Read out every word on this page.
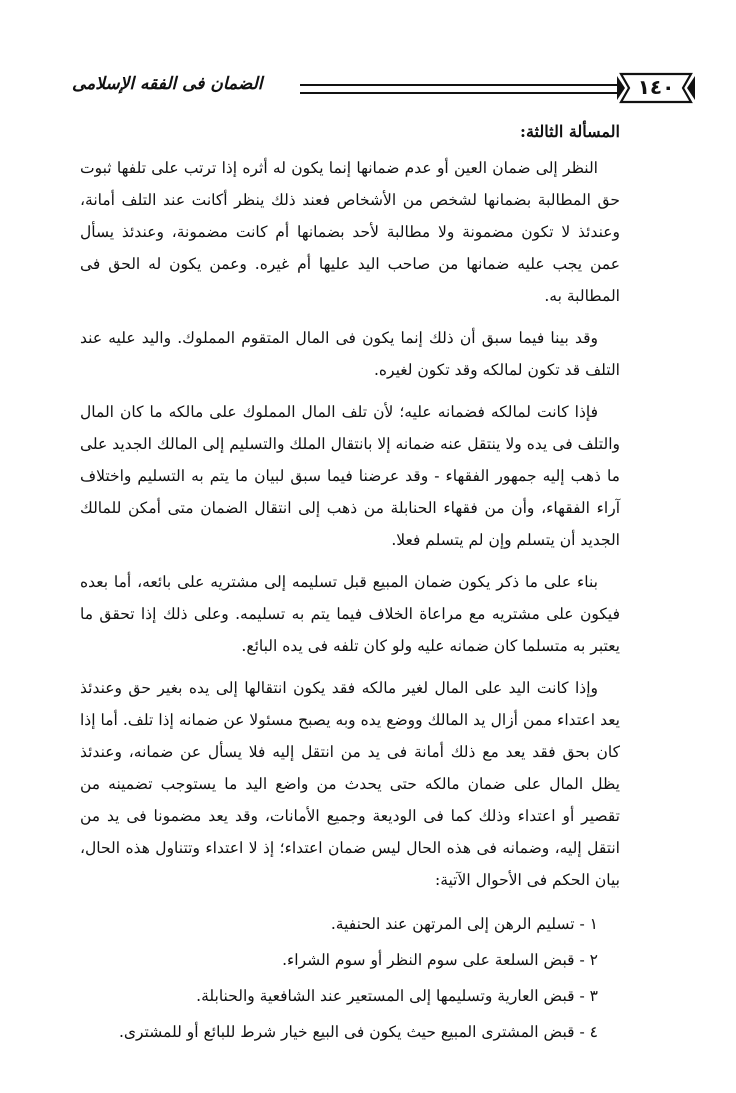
الضمان فى الفقه الإسلامى	١٤٠
المسألة الثالثة:

النظر إلى ضمان العين أو عدم ضمانها إنما يكون له أثره إذا ترتب على تلفها ثبوت حق المطالبة بضمانها لشخص من الأشخاص فعند ذلك ينظر أكانت عند التلف أمانة، وعندئذ لا تكون مضمونة ولا مطالبة لأحد بضمانها أم كانت مضمونة، وعندئذ يسأل عمن يجب عليه ضمانها من صاحب اليد عليها أم غيره. وعمن يكون له الحق فى المطالبة به.

وقد بينا فيما سبق أن ذلك إنما يكون فى المال المتقوم المملوك. واليد عليه عند التلف قد تكون لمالكه وقد تكون لغيره.

فإذا كانت لمالكه فضمانه عليه؛ لأن تلف المال المملوك على مالكه ما كان المال والتلف فى يده ولا ينتقل عنه ضمانه إلا بانتقال الملك والتسليم إلى المالك الجديد على ما ذهب إليه جمهور الفقهاء - وقد عرضنا فيما سبق لبيان ما يتم به التسليم واختلاف آراء الفقهاء، وأن من فقهاء الحنابلة من ذهب إلى انتقال الضمان متى أمكن للمالك الجديد أن يتسلم وإن لم يتسلم فعلا.

بناء على ما ذكر يكون ضمان المبيع قبل تسليمه إلى مشتريه على بائعه، أما بعده فيكون على مشتريه مع مراعاة الخلاف فيما يتم به تسليمه. وعلى ذلك إذا تحقق ما يعتبر به متسلما كان ضمانه عليه ولو كان تلفه فى يده البائع.

وإذا كانت اليد على المال لغير مالكه فقد يكون انتقالها إلى يده بغير حق وعندئذ يعد اعتداء ممن أزال يد المالك ووضع يده وبه يصبح مسئولا عن ضمانه إذا تلف. أما إذا كان بحق فقد يعد مع ذلك أمانة فى يد من انتقل إليه فلا يسأل عن ضمانه، وعندئذ يظل المال على ضمان مالكه حتى يحدث من واضع اليد ما يستوجب تضمينه من تقصير أو اعتداء وذلك كما فى الوديعة وجميع الأمانات، وقد يعد مضمونا فى يد من انتقل إليه، وضمانه فى هذه الحال ليس ضمان اعتداء؛ إذ لا اعتداء وتتناول هذه الحال، بيان الحكم فى الأحوال الآتية:

١ - تسليم الرهن إلى المرتهن عند الحنفية.
٢ - قبض السلعة على سوم النظر أو سوم الشراء.
٣ - قبض العارية وتسليمها إلى المستعير عند الشافعية والحنابلة.
٤ - قبض المشترى المبيع حيث يكون فى البيع خيار شرط للبائع أو للمشترى.
